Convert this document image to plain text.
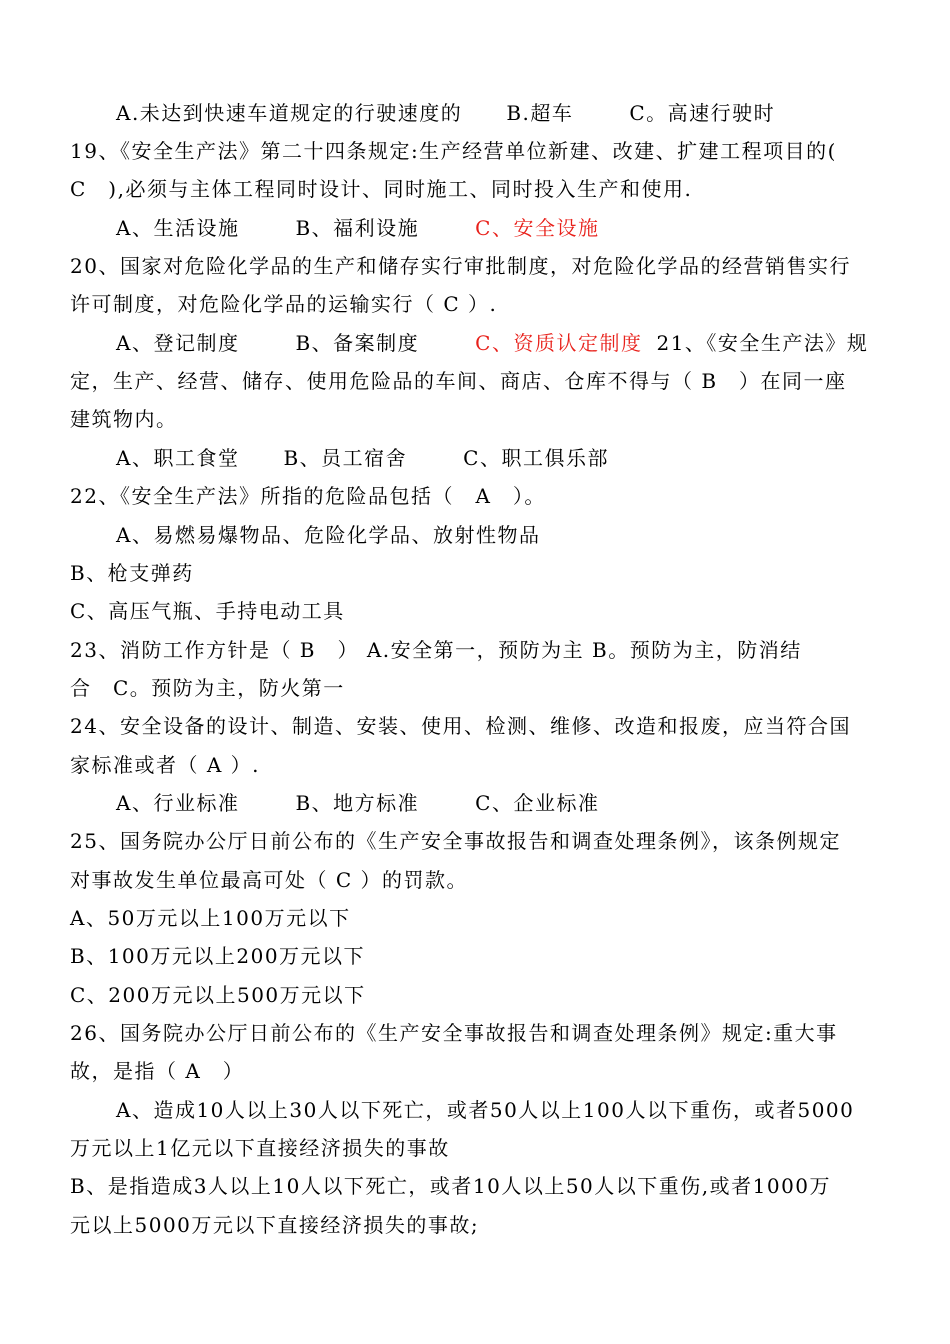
A.未达到快速车道规定的行驶速度的 B.超车	C。高速行驶时
19、《安全生产法》第二十四条规定:生产经营单位新建、改建、扩建工程项目的(
C　),必须与主体工程同时设计、同时施工、同时投入生产和使用.
A、生活设施	B、福利设施	C、安全设施
20、国家对危险化学品的生产和储存实行审批制度，对危险化学品的经营销售实行
许可制度，对危险化学品的运输实行（ C ）.
A、登记制度	B、备案制度	C、资质认定制度 21、《安全生产法》规
定，生产、经营、储存、使用危险品的车间、商店、仓库不得与（ B　）在同一座
建筑物内。
A、职工食堂 B、员工宿舍	C、职工俱乐部
22、《安全生产法》所指的危险品包括（　A　）。
A、易燃易爆物品、危险化学品、放射性物品
B、枪支弹药
C、高压气瓶、手持电动工具
23、消防工作方针是（ B　） A.安全第一，预防为主 B。预防为主，防消结
合　C。预防为主，防火第一
24、安全设备的设计、制造、安装、使用、检测、维修、改造和报废，应当符合国
家标准或者（ A ）.
A、行业标准	B、地方标准	C、企业标准
25、国务院办公厅日前公布的《生产安全事故报告和调查处理条例》，该条例规定
对事故发生单位最高可处（ C ）的罚款。
A、50万元以上100万元以下
B、100万元以上200万元以下
C、200万元以上500万元以下
26、国务院办公厅日前公布的《生产安全事故报告和调查处理条例》规定:重大事
故，是指（ A　）
A、造成10人以上30人以下死亡，或者50人以上100人以下重伤，或者5000
万元以上1亿元以下直接经济损失的事故
B、是指造成3人以上10人以下死亡，或者10人以上50人以下重伤,或者1000万
元以上5000万元以下直接经济损失的事故;
